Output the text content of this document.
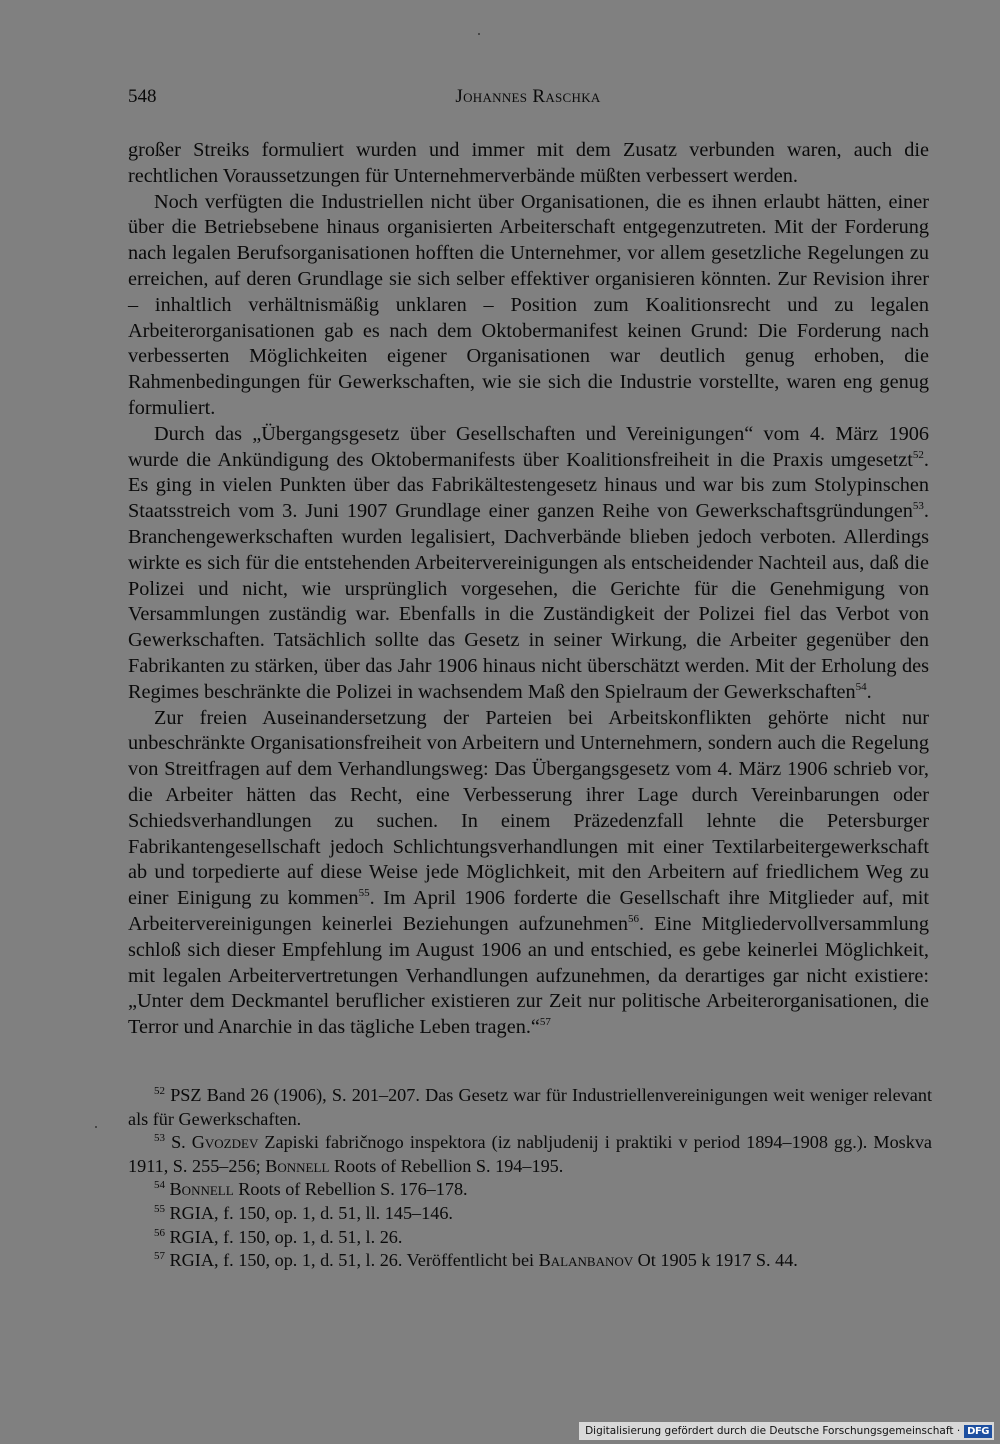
548	Johannes Raschka

großer Streiks formuliert wurden und immer mit dem Zusatz verbunden waren, auch die rechtlichen Voraussetzungen für Unternehmerverbände müßten verbessert werden.

Noch verfügten die Industriellen nicht über Organisationen, die es ihnen erlaubt hätten, einer über die Betriebsebene hinaus organisierten Arbeiterschaft entgegenzutreten. Mit der Forderung nach legalen Berufsorganisationen hofften die Unternehmer, vor allem gesetzliche Regelungen zu erreichen, auf deren Grundlage sie sich selber effektiver organisieren könnten. Zur Revision ihrer – inhaltlich verhältnismäßig unklaren – Position zum Koalitionsrecht und zu legalen Arbeiterorganisationen gab es nach dem Oktobermanifest keinen Grund: Die Forderung nach verbesserten Möglichkeiten eigener Organisationen war deutlich genug erhoben, die Rahmenbedingungen für Gewerkschaften, wie sie sich die Industrie vorstellte, waren eng genug formuliert.

Durch das „Übergangsgesetz über Gesellschaften und Vereinigungen“ vom 4. März 1906 wurde die Ankündigung des Oktobermanifests über Koalitionsfreiheit in die Praxis umgesetzt$^{52}$. Es ging in vielen Punkten über das Fabrikältestengesetz hinaus und war bis zum Stolypinschen Staatsstreich vom 3. Juni 1907 Grundlage einer ganzen Reihe von Gewerkschaftsgründungen$^{53}$. Branchengewerkschaften wurden legalisiert, Dachverbände blieben jedoch verboten. Allerdings wirkte es sich für die entstehenden Arbeitervereinigungen als entscheidender Nachteil aus, daß die Polizei und nicht, wie ursprünglich vorgesehen, die Gerichte für die Genehmigung von Versammlungen zuständig war. Ebenfalls in die Zuständigkeit der Polizei fiel das Verbot von Gewerkschaften. Tatsächlich sollte das Gesetz in seiner Wirkung, die Arbeiter gegenüber den Fabrikanten zu stärken, über das Jahr 1906 hinaus nicht überschätzt werden. Mit der Erholung des Regimes beschränkte die Polizei in wachsendem Maß den Spielraum der Gewerkschaften$^{54}$.

Zur freien Auseinandersetzung der Parteien bei Arbeitskonflikten gehörte nicht nur unbeschränkte Organisationsfreiheit von Arbeitern und Unternehmern, sondern auch die Regelung von Streitfragen auf dem Verhandlungsweg: Das Übergangsgesetz vom 4. März 1906 schrieb vor, die Arbeiter hätten das Recht, eine Verbesserung ihrer Lage durch Vereinbarungen oder Schiedsverhandlungen zu suchen. In einem Präzedenzfall lehnte die Petersburger Fabrikantengesellschaft jedoch Schlichtungsverhandlungen mit einer Textilarbeitergewerkschaft ab und torpedierte auf diese Weise jede Möglichkeit, mit den Arbeitern auf friedlichem Weg zu einer Einigung zu kommen$^{55}$. Im April 1906 forderte die Gesellschaft ihre Mitglieder auf, mit Arbeitervereinigungen keinerlei Beziehungen aufzunehmen$^{56}$. Eine Mitgliedervollversammlung schloß sich dieser Empfehlung im August 1906 an und entschied, es gebe keinerlei Möglichkeit, mit legalen Arbeitervertretungen Verhandlungen aufzunehmen, da derartiges gar nicht existiere: „Unter dem Deckmantel beruflicher existieren zur Zeit nur politische Arbeiterorganisationen, die Terror und Anarchie in das tägliche Leben tragen.“$^{57}$

$^{52}$ PSZ Band 26 (1906), S. 201–207. Das Gesetz war für Industriellenvereinigungen weit weniger relevant als für Gewerkschaften.

$^{53}$ S. Gvozdev Zapiski fabričnogo inspektora (iz nabljudenij i praktiki v period 1894–1908 gg.). Moskva 1911, S. 255–256; Bonnell Roots of Rebellion S. 194–195.

$^{54}$ Bonnell Roots of Rebellion S. 176–178.

$^{55}$ RGIA, f. 150, op. 1, d. 51, ll. 145–146.

$^{56}$ RGIA, f. 150, op. 1, d. 51, l. 26.

$^{57}$ RGIA, f. 150, op. 1, d. 51, l. 26. Veröffentlicht bei Balanbanov Ot 1905 k 1917 S. 44.

Digitalisierung gefördert durch die Deutsche Forschungsgemeinschaft · DFG
